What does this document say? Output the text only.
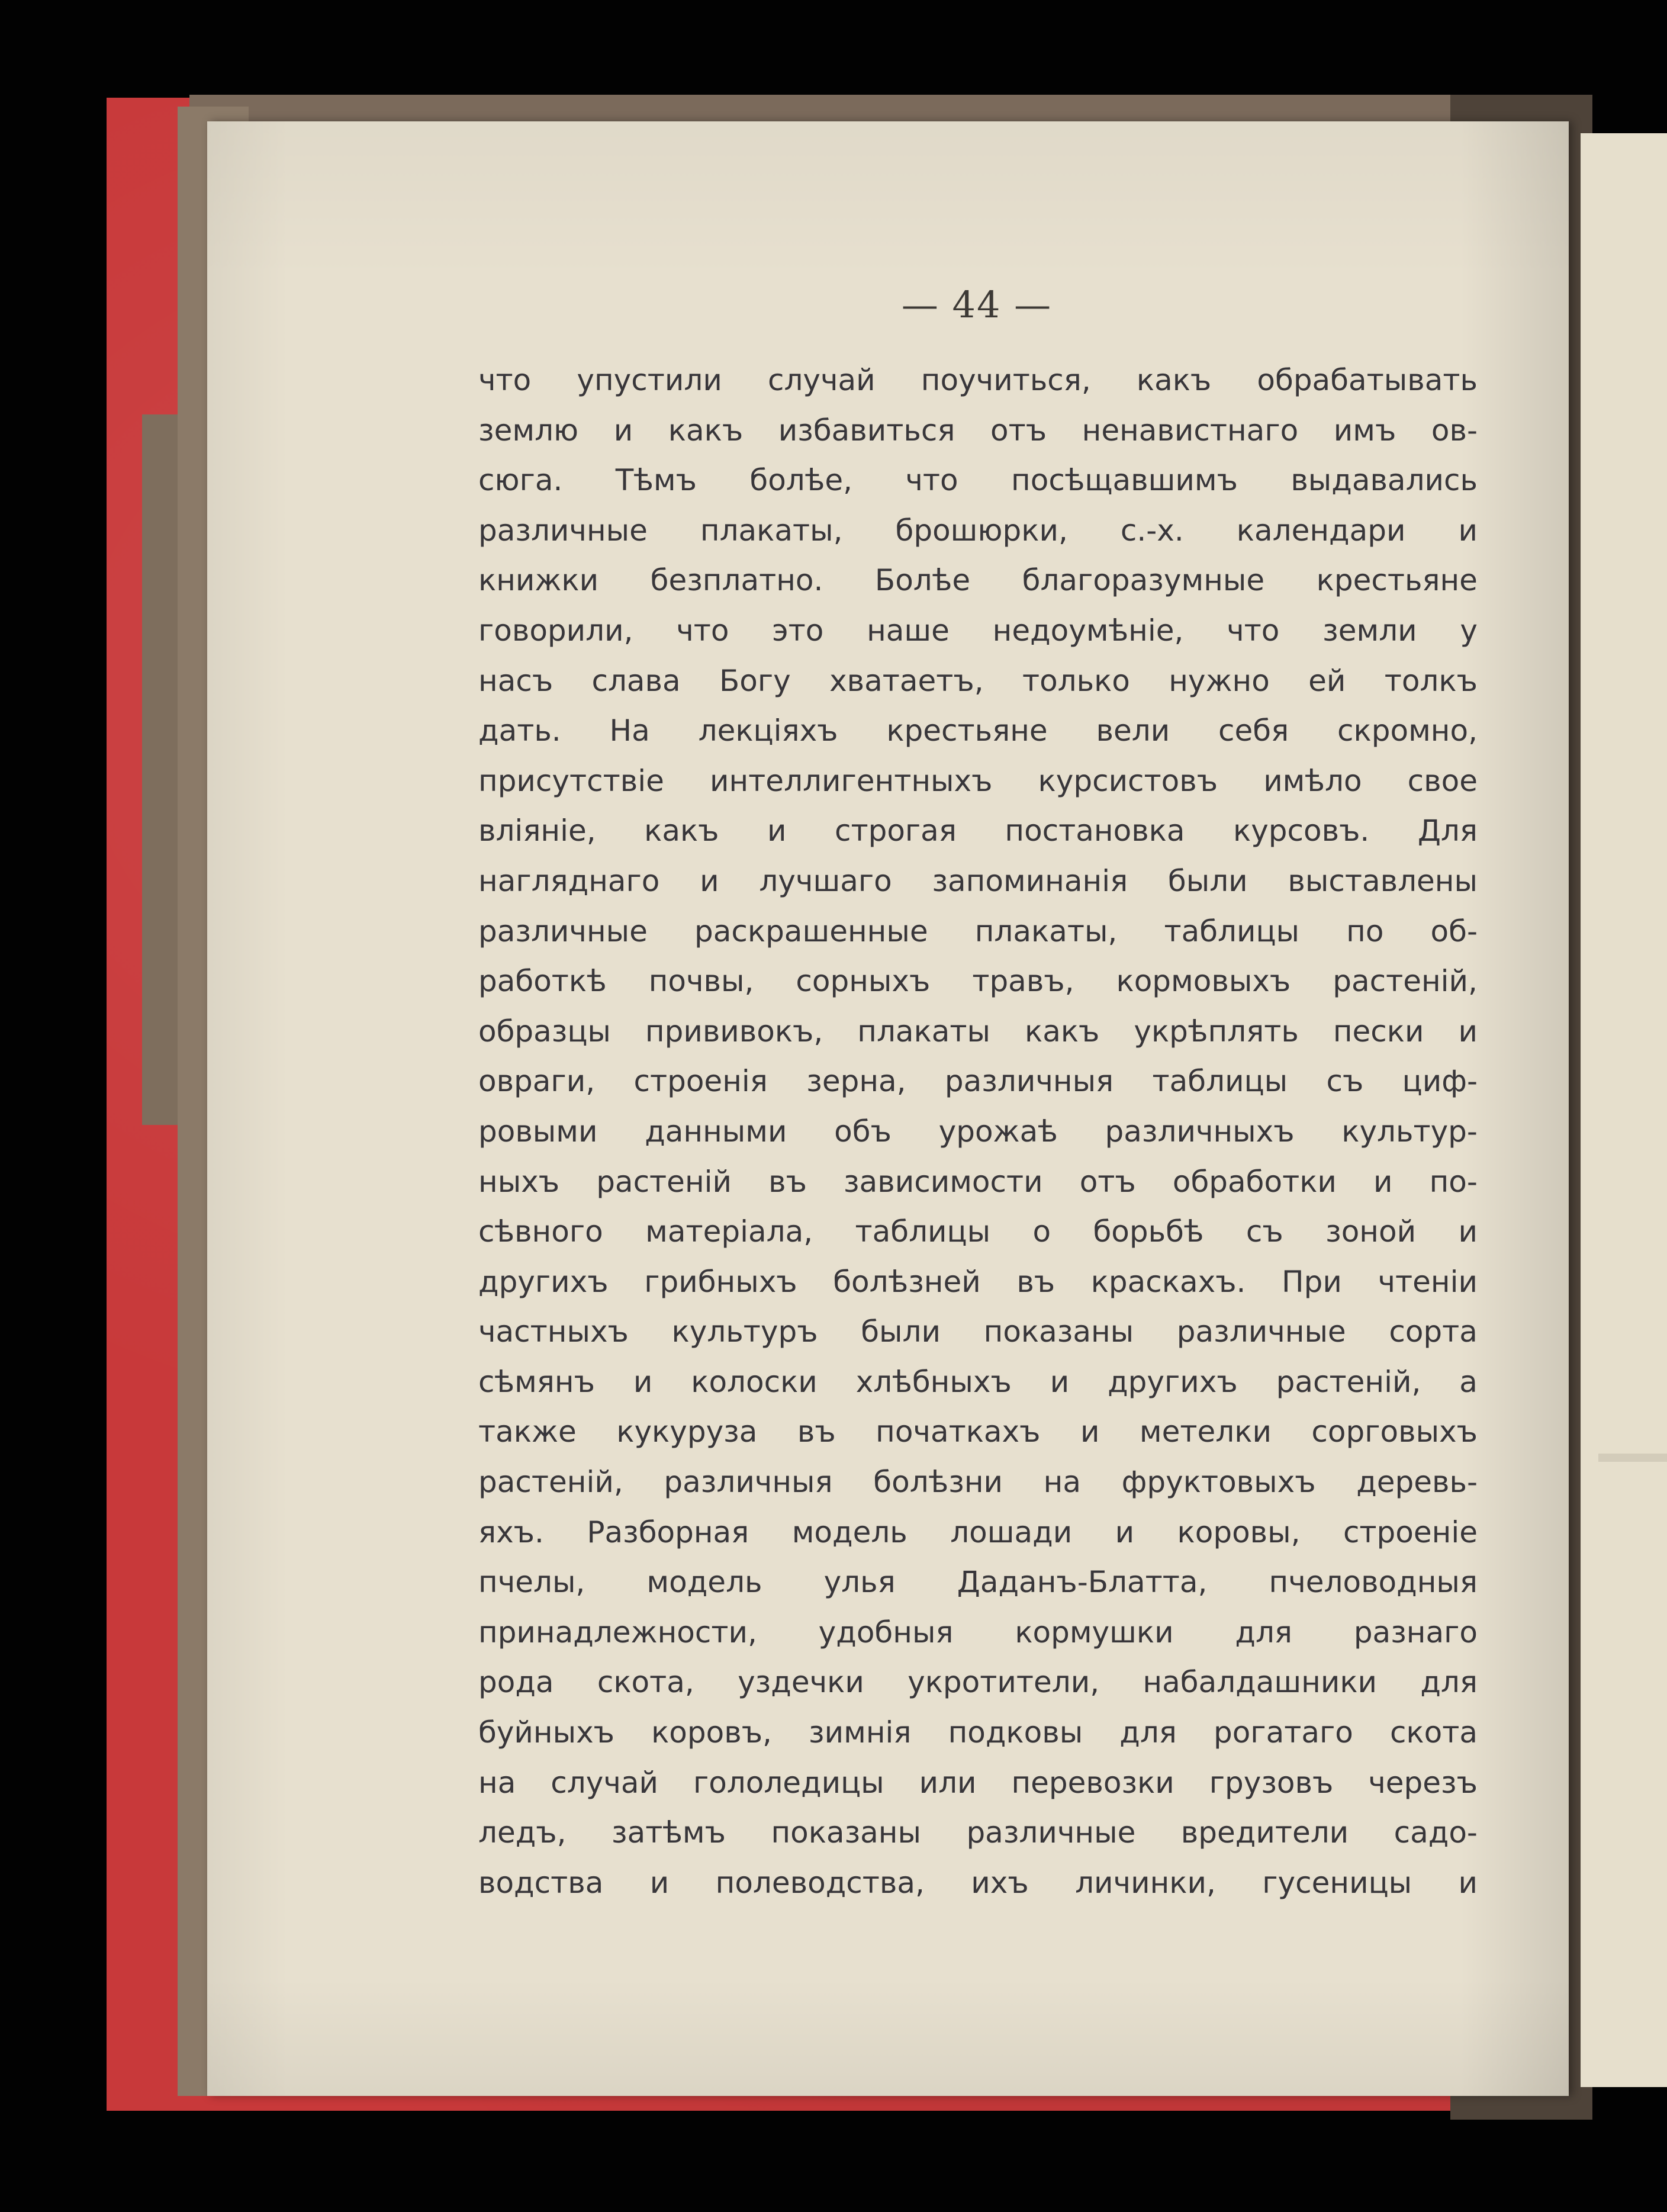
— 44 —
что упустили случай поучиться, какъ обрабатывать
землю и какъ избавиться отъ ненавистнаго имъ ов-
сюга. Тѣмъ болѣе, что посѣщавшимъ выдавались
различные плакаты, брошюрки, с.-х. календари и
книжки безплатно. Болѣе благоразумные крестьяне
говорили, что это наше недоумѣніе, что земли у
насъ слава Богу хватаетъ, только нужно ей толкъ
дать. На лекціяхъ крестьяне вели себя скромно,
присутствіе интеллигентныхъ курсистовъ имѣло свое
вліяніе, какъ и строгая постановка курсовъ. Для
нагляднаго и лучшаго запоминанія были выставлены
различные раскрашенные плакаты, таблицы по об-
работкѣ почвы, сорныхъ травъ, кормовыхъ растеній,
образцы прививокъ, плакаты какъ укрѣплять пески и
овраги, строенія зерна, различныя таблицы съ циф-
ровыми данными объ урожаѣ различныхъ культур-
ныхъ растеній въ зависимости отъ обработки и по-
сѣвного матеріала, таблицы о борьбѣ съ зоной и
другихъ грибныхъ болѣзней въ краскахъ. При чтеніи
частныхъ культуръ были показаны различные сорта
сѣмянъ и колоски хлѣбныхъ и другихъ растеній, а
также кукуруза въ початкахъ и метелки сорговыхъ
растеній, различныя болѣзни на фруктовыхъ деревь-
яхъ. Разборная модель лошади и коровы, строеніе
пчелы, модель улья Даданъ-Блатта, пчеловодныя
принадлежности, удобныя кормушки для разнаго
рода скота, уздечки укротители, набалдашники для
буйныхъ коровъ, зимнія подковы для рогатаго скота
на случай гололедицы или перевозки грузовъ черезъ
ледъ, затѣмъ показаны различные вредители садо-
водства и полеводства, ихъ личинки, гусеницы и
